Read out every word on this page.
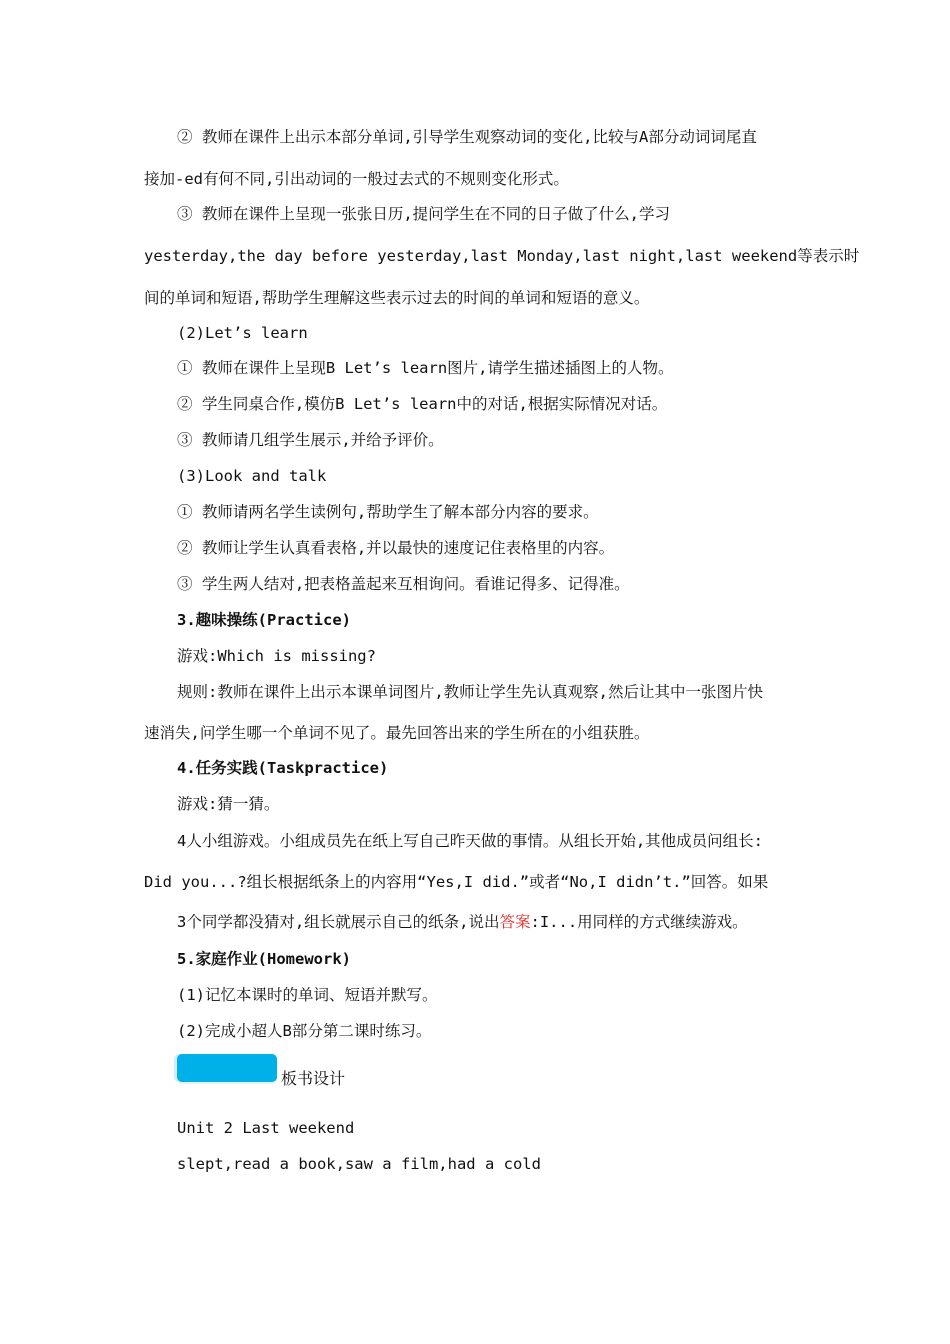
② 教师在课件上出示本部分单词,引导学生观察动词的变化,比较与A部分动词词尾直
接加-ed有何不同,引出动词的一般过去式的不规则变化形式。
③ 教师在课件上呈现一张张日历,提问学生在不同的日子做了什么,学习
yesterday,the day before yesterday,last Monday,last night,last weekend等表示时
间的单词和短语,帮助学生理解这些表示过去的时间的单词和短语的意义。
(2)Let’s learn
① 教师在课件上呈现B Let’s learn图片,请学生描述插图上的人物。
② 学生同桌合作,模仿B Let’s learn中的对话,根据实际情况对话。
③ 教师请几组学生展示,并给予评价。
(3)Look and talk
① 教师请两名学生读例句,帮助学生了解本部分内容的要求。
② 教师让学生认真看表格,并以最快的速度记住表格里的内容。
③ 学生两人结对,把表格盖起来互相询问。看谁记得多、记得准。
3.趣味操练(Practice)
游戏:Which is missing?
规则:教师在课件上出示本课单词图片,教师让学生先认真观察,然后让其中一张图片快
速消失,问学生哪一个单词不见了。最先回答出来的学生所在的小组获胜。
4.任务实践(Taskpractice)
游戏:猜一猜。
4人小组游戏。小组成员先在纸上写自己昨天做的事情。从组长开始,其他成员问组长:
Did you...?组长根据纸条上的内容用“Yes,I did.”或者“No,I didn’t.”回答。如果
3个同学都没猜对,组长就展示自己的纸条,说出答案:I...用同样的方式继续游戏。
5.家庭作业(Homework)
(1)记忆本课时的单词、短语并默写。
(2)完成小超人B部分第二课时练习。
板书设计
Unit 2 Last weekend
slept,read a book,saw a film,had a cold
